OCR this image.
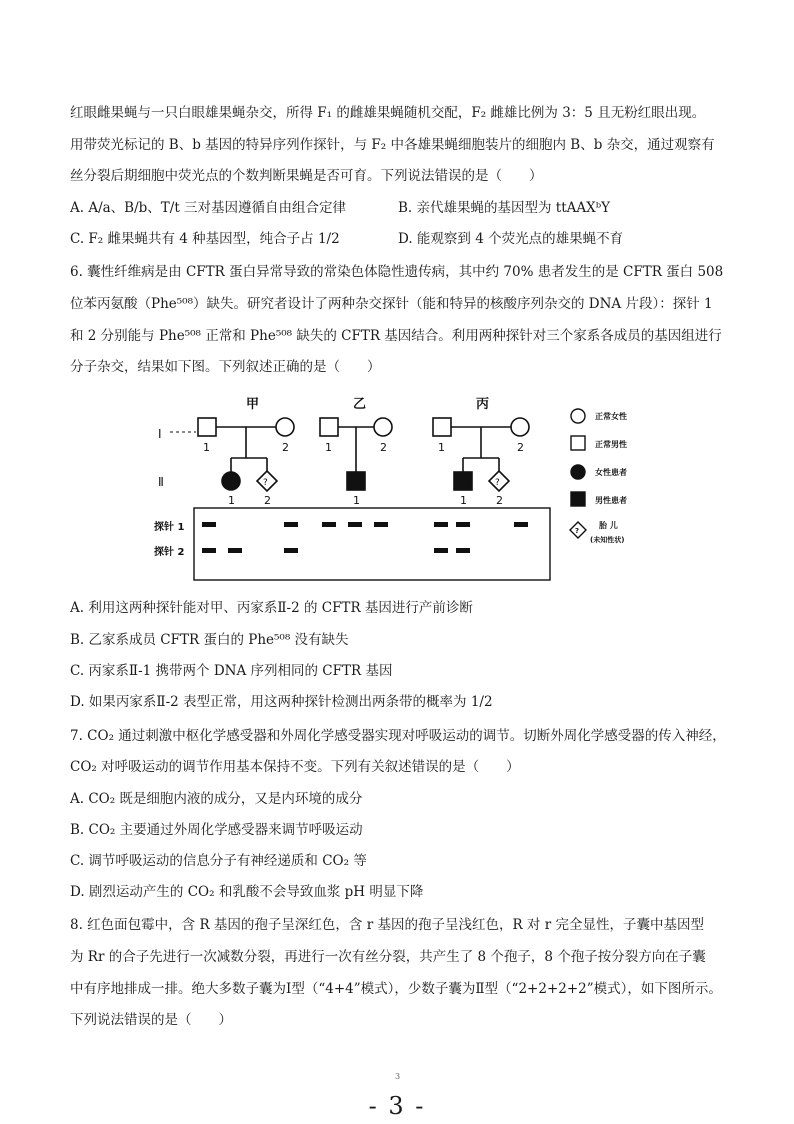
红眼雌果蝇与一只白眼雄果蝇杂交，所得 F₁ 的雌雄果蝇随机交配，F₂ 雌雄比例为 3：5 且无粉红眼出现。
用带荧光标记的 B、b 基因的特异序列作探针，与 F₂ 中各雄果蝇细胞装片的细胞内 B、b 杂交，通过观察有
丝分裂后期细胞中荧光点的个数判断果蝇是否可育。下列说法错误的是（　　）
A. A/a、B/b、T/t 三对基因遵循自由组合定律	B. 亲代雄果蝇的基因型为 ttAAXᵇY
C. F₂ 雌果蝇共有 4 种基因型，纯合子占 1/2	D. 能观察到 4 个荧光点的雄果蝇不育
6. 囊性纤维病是由 CFTR 蛋白异常导致的常染色体隐性遗传病，其中约 70% 患者发生的是 CFTR 蛋白 508
位苯丙氨酸（Phe⁵⁰⁸）缺失。研究者设计了两种杂交探针（能和特异的核酸序列杂交的 DNA 片段）：探针 1
和 2 分别能与 Phe⁵⁰⁸ 正常和 Phe⁵⁰⁸ 缺失的 CFTR 基因结合。利用两种探针对三个家系各成员的基因组进行
分子杂交，结果如下图。下列叙述正确的是（　　）
甲	乙	丙
Ⅰ
Ⅱ
1	2	1	2	1	2
1	2	1	1	2
?	?
探针 1
探针 2
正常女性
正常男性
女性患者
男性患者
胎 儿
(未知性状)
?
A. 利用这两种探针能对甲、丙家系Ⅱ-2 的 CFTR 基因进行产前诊断
B. 乙家系成员 CFTR 蛋白的 Phe⁵⁰⁸ 没有缺失
C. 丙家系Ⅱ-1 携带两个 DNA 序列相同的 CFTR 基因
D. 如果丙家系Ⅱ-2 表型正常，用这两种探针检测出两条带的概率为 1/2
7. CO₂ 通过刺激中枢化学感受器和外周化学感受器实现对呼吸运动的调节。切断外周化学感受器的传入神经，
CO₂ 对呼吸运动的调节作用基本保持不变。下列有关叙述错误的是（　　）
A. CO₂ 既是细胞内液的成分，又是内环境的成分
B. CO₂ 主要通过外周化学感受器来调节呼吸运动
C. 调节呼吸运动的信息分子有神经递质和 CO₂ 等
D. 剧烈运动产生的 CO₂ 和乳酸不会导致血浆 pH 明显下降
8. 红色面包霉中，含 R 基因的孢子呈深红色，含 r 基因的孢子呈浅红色，R 对 r 完全显性，子囊中基因型
为 Rr 的合子先进行一次减数分裂，再进行一次有丝分裂，共产生了 8 个孢子，8 个孢子按分裂方向在子囊
中有序地排成一排。绝大多数子囊为Ⅰ型（“4+4”模式），少数子囊为Ⅱ型（“2+2+2+2”模式），如下图所示。
下列说法错误的是（　　）
3
- 3 -
